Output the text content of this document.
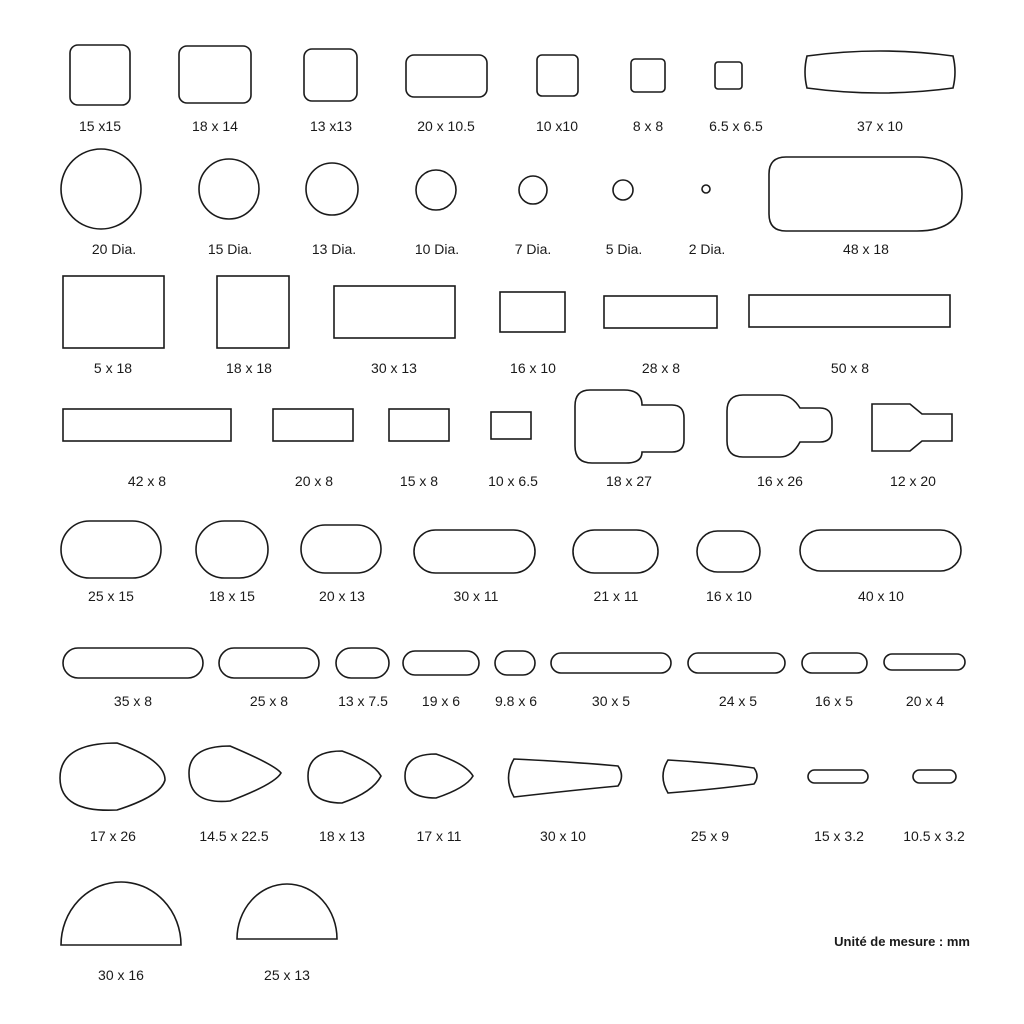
15 x15	18 x 14	13 x13	20 x 10.5	10 x10	8 x 8	6.5 x 6.5	37 x 10
20 Dia.	15 Dia.	13 Dia.	10 Dia.	7 Dia.	5 Dia.	2 Dia.	48 x 18
5 x 18	18 x 18	30 x 13	16 x 10	28 x 8	50 x 8
42 x 8	20 x 8	15 x 8	10 x 6.5	18 x 27	16 x 26	12 x 20
25 x 15	18 x 15	20 x 13	30 x 11	21 x 11	16 x 10	40 x 10
35 x 8	25 x 8	13 x 7.5 19 x 6 9.8 x 6	30 x 5	24 x 5	16 x 5	20 x 4
17 x 26	14.5 x 22.5	18 x 13	17 x 11	30 x 10	25 x 9	15 x 3.2	10.5 x 3.2
30 x 16	25 x 13
Unité de mesure : mm
